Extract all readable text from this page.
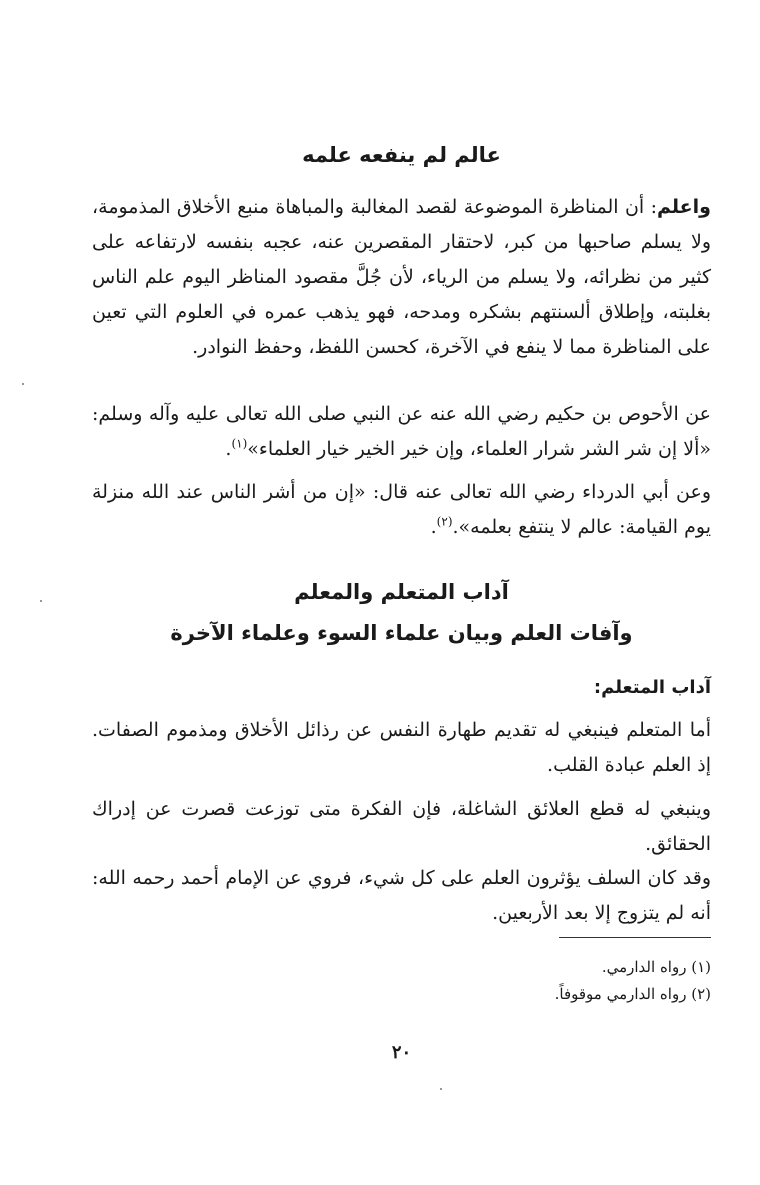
عالم لم ينفعه علمه

واعلم: أن المناظرة الموضوعة لقصد المغالبة والمباهاة منبع الأخلاق المذمومة، ولا يسلم صاحبها من كبر، لاحتقار المقصرين عنه، عجبه بنفسه لارتفاعه على كثير من نظرائه، ولا يسلم من الرياء، لأن جُلَّ مقصود المناظر اليوم علم الناس بغلبته، وإطلاق ألسنتهم بشكره ومدحه، فهو يذهب عمره في العلوم التي تعين على المناظرة مما لا ينفع في الآخرة، كحسن اللفظ، وحفظ النوادر.

عن الأحوص بن حكيم رضي الله عنه عن النبي صلى الله تعالى عليه وآله وسلم: «ألا إن شر الشر شرار العلماء، وإن خير الخير خيار العلماء»$^{(١)}$.

وعن أبي الدرداء رضي الله تعالى عنه قال: «إن من أشر الناس عند الله منزلة يوم القيامة: عالم لا ينتفع بعلمه».$^{(٢)}$.

آداب المتعلم والمعلم
وآفات العلم وبيان علماء السوء وعلماء الآخرة
آداب المتعلم:

أما المتعلم فينبغي له تقديم طهارة النفس عن رذائل الأخلاق ومذموم الصفات. إذ العلم عبادة القلب.

وينبغي له قطع العلائق الشاغلة، فإن الفكرة متى توزعت قصرت عن إدراك الحقائق.

وقد كان السلف يؤثرون العلم على كل شيء، فروي عن الإمام أحمد رحمه الله: أنه لم يتزوج إلا بعد الأربعين.

(١) رواه الدارمي.

(٢) رواه الدارمي موقوفاً.

٢٠
